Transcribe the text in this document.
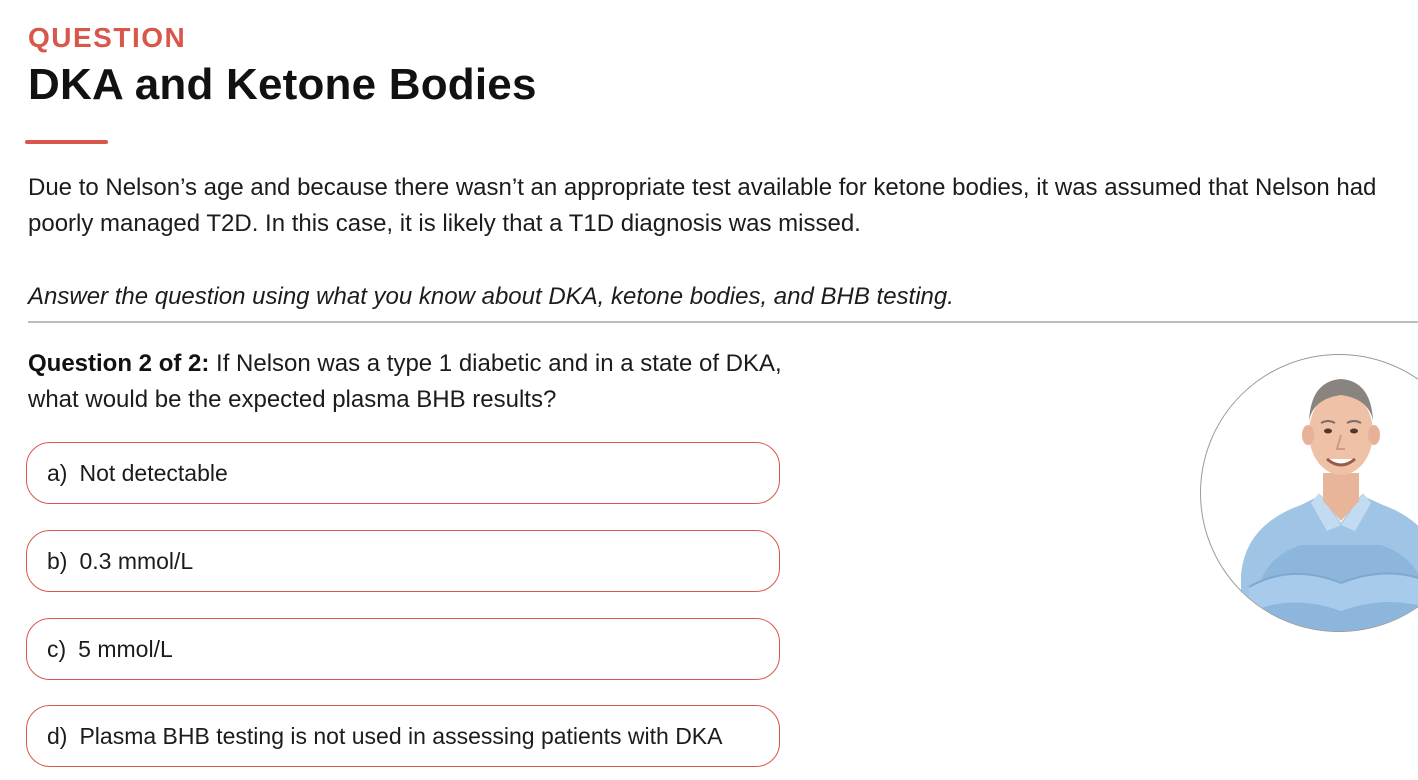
QUESTION
DKA and Ketone Bodies
Due to Nelson’s age and because there wasn’t an appropriate test available for ketone bodies, it was assumed that Nelson had poorly managed T2D. In this case, it is likely that a T1D diagnosis was missed.
Answer the question using what you know about DKA, ketone bodies, and BHB testing.
Question 2 of 2: If Nelson was a type 1 diabetic and in a state of DKA, what would be the expected plasma BHB results?
a) Not detectable
b) 0.3 mmol/L
c) 5 mmol/L
d) Plasma BHB testing is not used in assessing patients with DKA
